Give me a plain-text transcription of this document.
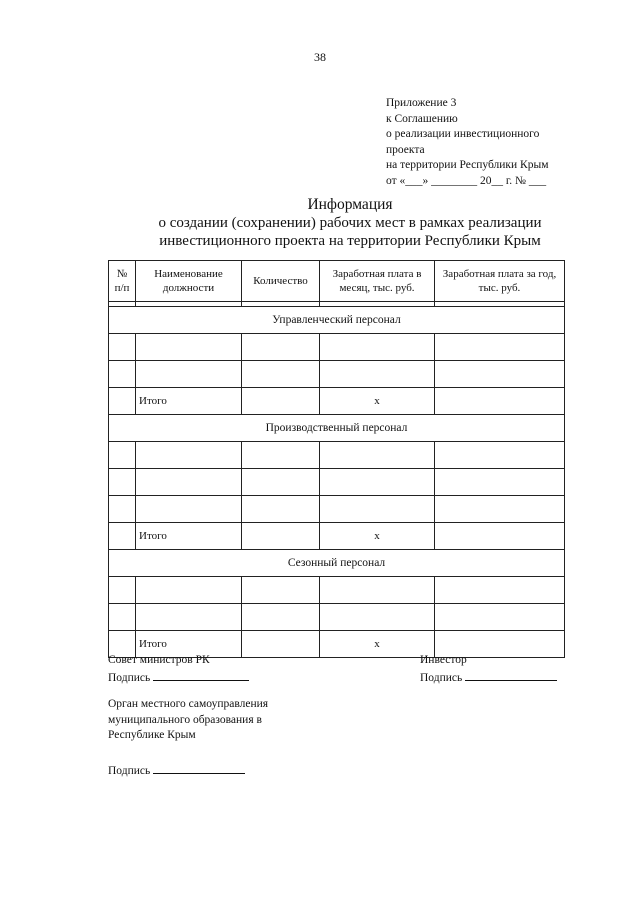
38
Приложение 3
к Соглашению
о реализации инвестиционного
проекта
на территории Республики Крым
от «___» ________ 20__ г. № ___
Информация
о создании (сохранении) рабочих мест в рамках реализации
инвестиционного проекта на территории Республики Крым
№ п/п	Наименование должности	Количество	Заработная плата в месяц, тыс. руб.	Заработная плата за год, тыс. руб.

Управленческий персонал				

	Итого		х	
Производственный персонал				

	Итого		х	
Сезонный персонал				

	Итого		х	
Совет министров РК
Подпись
Инвестор
Подпись
Орган местного самоуправления
муниципального образования в
Республике Крым
Подпись
